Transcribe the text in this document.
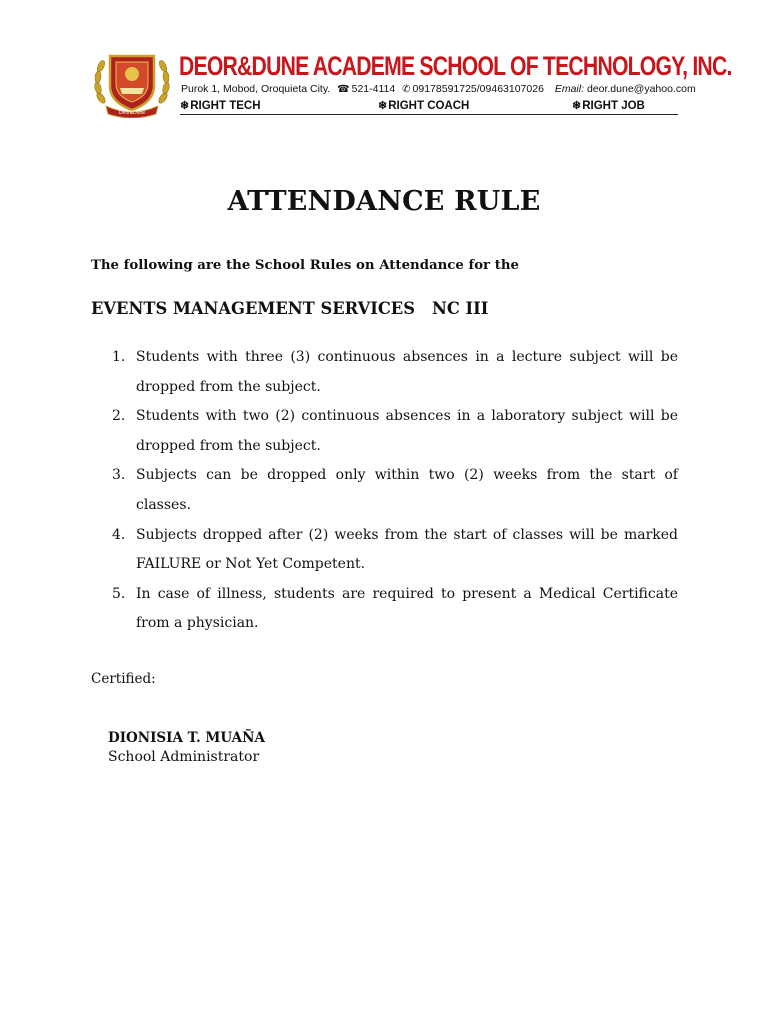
Deor&Dune
DEOR&DUNE ACADEME SCHOOL OF TECHNOLOGY, INC.
Purok 1, Mobod, Oroquieta City. ☎ 521-4114 ✆ 09178591725/09463107026 Email: deor.dune@yahoo.com
❄RIGHT TECH	❄RIGHT COACH	❄RIGHT JOB
ATTENDANCE RULE
The following are the School Rules on Attendance for the
EVENTS MANAGEMENT SERVICES   NC III
1. Students with three (3) continuous absences in a lecture subject will be dropped from the subject.
2. Students with two (2) continuous absences in a laboratory subject will be dropped from the subject.
3. Subjects can be dropped only within two (2) weeks from the start of classes.
4. Subjects dropped after (2) weeks from the start of classes will be marked FAILURE or Not Yet Competent.
5. In case of illness, students are required to present a Medical Certificate from a physician.
Certified:
DIONISIA T. MUAÑA
School Administrator
